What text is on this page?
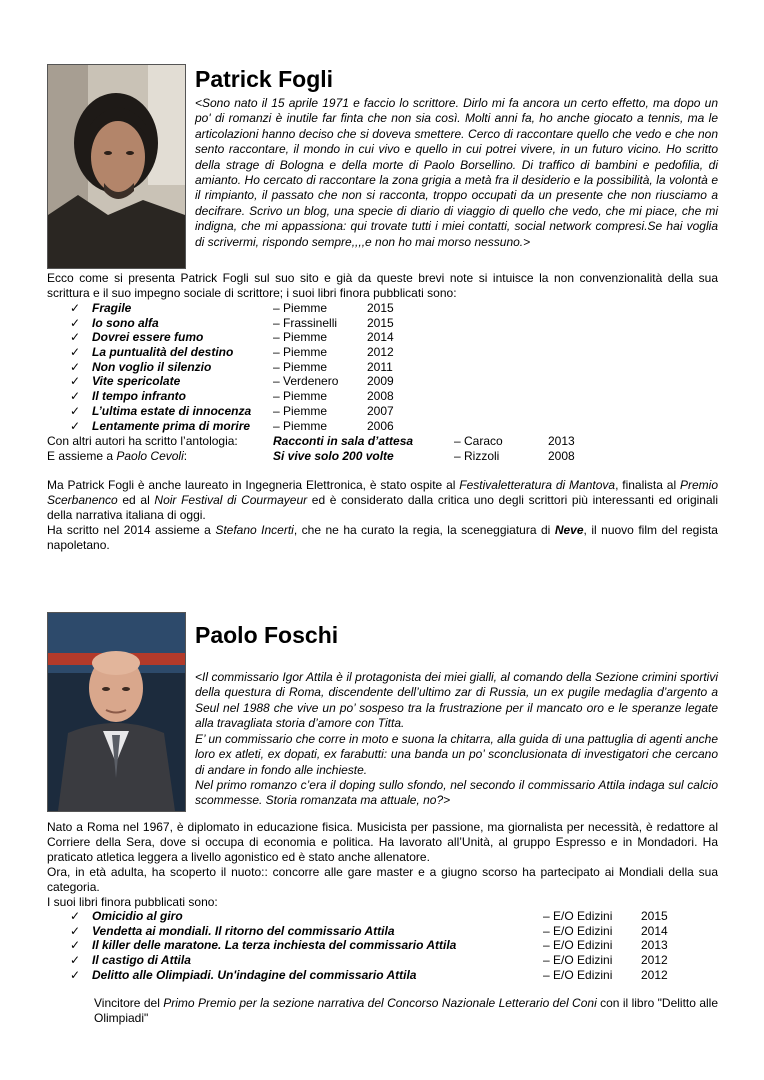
Patrick Fogli

<Sono nato il 15 aprile 1971 e faccio lo scrittore. Dirlo mi fa ancora un certo effetto, ma dopo un po' di romanzi è inutile far finta che non sia così. Molti anni fa, ho anche giocato a tennis, ma le articolazioni hanno deciso che si doveva smettere. Cerco di raccontare quello che vedo e che non sento raccontare, il mondo in cui vivo e quello in cui potrei vivere, in un futuro vicino. Ho scritto della strage di Bologna e della morte di Paolo Borsellino. Di traffico di bambini e pedofilia, di amianto. Ho cercato di raccontare la zona grigia a metà fra il desiderio e la possibilità, la volontà e il rimpianto, il passato che non si racconta, troppo occupati da un presente che non riusciamo a decifrare. Scrivo un blog, una specie di diario di viaggio di quello che vedo, che mi piace, che mi indigna, che mi appassiona: qui trovate tutti i miei contatti, social network compresi.Se hai voglia di scrivermi, rispondo sempre,,,,e non ho mai morso nessuno.>

Ecco come si presenta Patrick Fogli sul suo sito e già da queste brevi note si intuisce la non convenzionalità della sua scrittura e il suo impegno sociale di scrittore; i suoi libri finora pubblicati sono:

✓ Fragile	– Piemme	2015
✓ Io sono alfa	– Frassinelli 2015
✓ Dovrei essere fumo	– Piemme	2014
✓ La puntualità del destino	– Piemme	2012
✓ Non voglio il silenzio	– Piemme	2011
✓ Vite spericolate	– Verdenero 2009
✓ Il tempo infranto	– Piemme	2008
✓ L’ultima estate di innocenza – Piemme	2007
✓ Lentamente prima di morire – Piemme	2006
Con altri autori ha scritto l’antologia:	Racconti in sala d’attesa	– Caraco	2013
E assieme a Paolo Cevoli:	Si vive solo 200 volte	– Rizzoli	2008

Ma Patrick Fogli è anche laureato in Ingegneria Elettronica, è stato ospite al Festivaletteratura di Mantova, finalista al Premio Scerbanenco ed al Noir Festival di Courmayeur ed è considerato dalla critica uno degli scrittori più interessanti ed originali della narrativa italiana di oggi.

Ha scritto nel 2014 assieme a Stefano Incerti, che ne ha curato la regia, la sceneggiatura di Neve, il nuovo film del regista napoletano.

Paolo Foschi

<Il commissario Igor Attila è il protagonista dei miei gialli, al comando della Sezione crimini sportivi della questura di Roma, discendente dell’ultimo zar di Russia, un ex pugile medaglia d’argento a Seul nel 1988 che vive un po’ sospeso tra la frustrazione per il mancato oro e le speranze legate alla travagliata storia d’amore con Titta.

E’ un commissario che corre in moto e suona la chitarra, alla guida di una pattuglia di agenti anche loro ex atleti, ex dopati, ex farabutti: una banda un po’ sconclusionata di investigatori che cercano di andare in fondo alle inchieste.

Nel primo romanzo c’era il doping sullo sfondo, nel secondo il commissario Attila indaga sul calcio scommesse. Storia romanzata ma attuale, no?>

Nato a Roma nel 1967, è diplomato in educazione fisica. Musicista per passione, ma giornalista per necessità, è redattore al Corriere della Sera, dove si occupa di economia e politica. Ha lavorato all’Unità, al gruppo Espresso e in Mondadori. Ha praticato atletica leggera a livello agonistico ed è stato anche allenatore.

Ora, in età adulta, ha scoperto il nuoto:: concorre alle gare master e a giugno scorso ha partecipato ai Mondiali della sua categoria.

I suoi libri finora pubblicati sono:

✓ Omicidio al giro	– E/O Edizini 2015
✓ Vendetta ai mondiali. Il ritorno del commissario Attila	– E/O Edizini 2014
✓ Il killer delle maratone. La terza inchiesta del commissario Attila	– E/O Edizini 2013
✓ Il castigo di Attila	– E/O Edizini 2012
✓ Delitto alle Olimpiadi. Un'indagine del commissario Attila	– E/O Edizini 2012

Vincitore del Primo Premio per la sezione narrativa del Concorso Nazionale Letterario del Coni con il libro "Delitto alle Olimpiadi"
